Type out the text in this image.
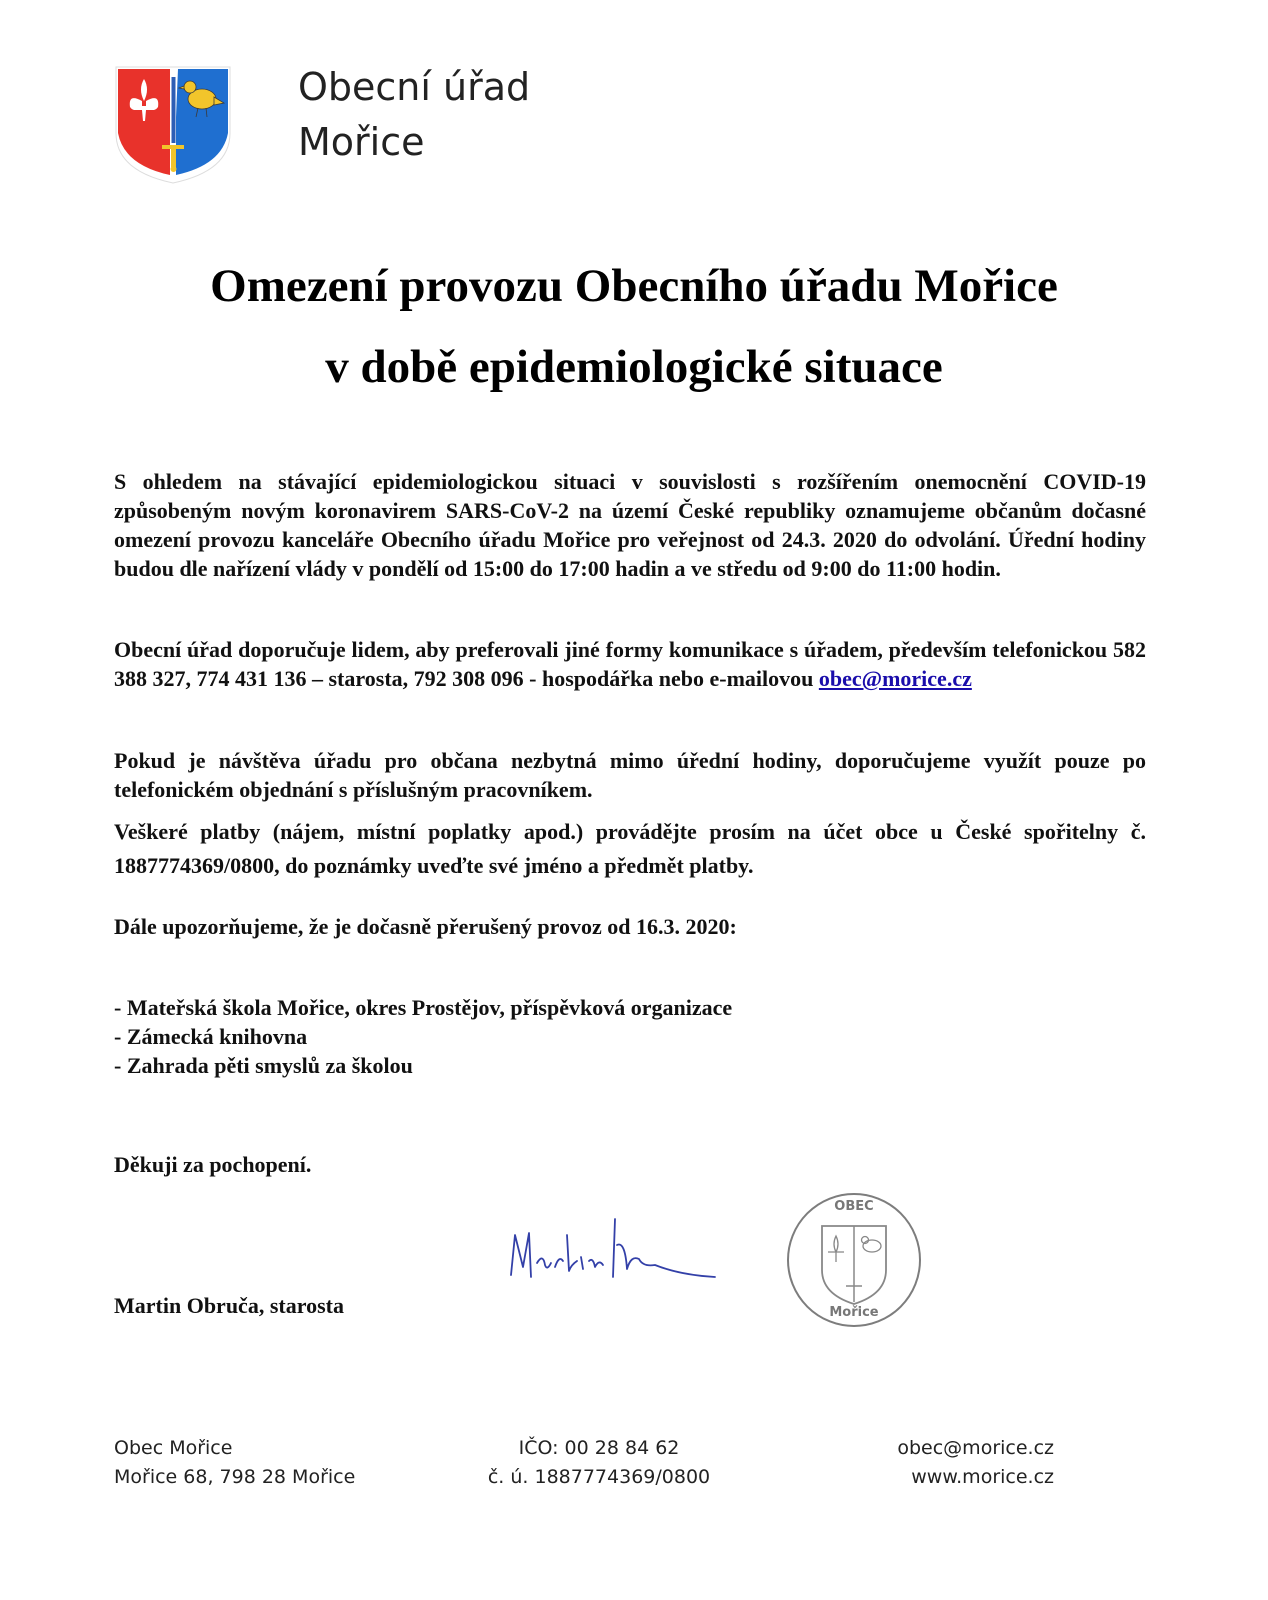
Obecní úřad
Mořice
Omezení provozu Obecního úřadu Mořice
v době epidemiologické situace
S ohledem na stávající epidemiologickou situaci v souvislosti s rozšířením onemocnění COVID-19 způsobeným novým koronavirem SARS-CoV-2 na území České republiky oznamujeme občanům dočasné omezení provozu kanceláře Obecního úřadu Mořice pro veřejnost od 24.3. 2020 do odvolání. Úřední hodiny budou dle nařízení vlády v pondělí od 15:00 do 17:00 hadin a ve středu od 9:00 do 11:00 hodin.
Obecní úřad doporučuje lidem, aby preferovali jiné formy komunikace s úřadem, především telefonickou 582 388 327, 774 431 136 – starosta, 792 308 096 - hospodářka nebo e-mailovou obec@morice.cz
Pokud je návštěva úřadu pro občana nezbytná mimo úřední hodiny, doporučujeme využít pouze po telefonickém objednání s příslušným pracovníkem.
Veškeré platby (nájem, místní poplatky apod.) provádějte prosím na účet obce u České spořitelny č. 1887774369/0800, do poznámky uveďte své jméno a předmět platby.
Dále upozorňujeme, že je dočasně přerušený provoz od 16.3. 2020:
- Mateřská škola Mořice, okres Prostějov, příspěvková organizace
- Zámecká knihovna
- Zahrada pěti smyslů za školou
Děkuji za pochopení.
OBEC
Mořice
Martin Obruča, starosta
Obec Mořice
Mořice 68, 798 28 Mořice
IČO: 00 28 84 62
č. ú. 1887774369/0800
obec@morice.cz
www.morice.cz
